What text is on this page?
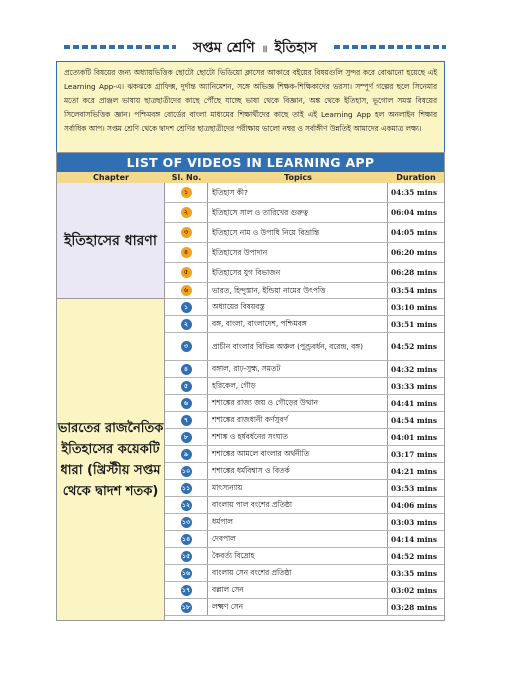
সপ্তম শ্রেণি ॥ ইতিহাস
প্রত্যেকটি বিষয়ের জন্য অধ্যায়ভিত্তিক ছোটো ছোটো ভিডিয়ো ক্লাসের আকারে বইয়ের বিষয়গুলি সুন্দর করে বোঝানো হয়েছে এই Learning App-এ। ঝকঝকে গ্রাফিক্স, দুর্দান্ত অ্যানিমেশন, সঙ্গে অভিজ্ঞ শিক্ষক-শিক্ষিকাদের ভরসা। সম্পূর্ণ গল্পের ছলে সিনেমার মতো করে প্রাঞ্জল ভাষায় ছাত্রছাত্রীদের কাছে পৌঁছে যাচ্ছে ভাষা থেকে বিজ্ঞান, অঙ্ক থেকে ইতিহাস, ভূগোল সমস্ত বিষয়ের সিলেবাসভিত্তিক জ্ঞান। পশ্চিমবঙ্গ বোর্ডের বাংলা মাধ্যমের শিক্ষার্থীদের কাছে তাই এই Learning App হল অনলাইন শিক্ষার সর্বাধিক আপ। সপ্তম শ্রেণি থেকে দ্বাদশ শ্রেণির ছাত্রছাত্রীদের পরীক্ষায় ভালো নম্বর ও সর্বাঙ্গীণ উন্নতিই আমাদের একমাত্র লক্ষ্য।
LIST OF VIDEOS IN LEARNING APP
Chapter	Sl. No.	Topics	Duration
ইতিহাসের ধারণা
ভারতের রাজনৈতিক ইতিহাসের কয়েকটি ধারা (খ্রিস্টীয় সপ্তম থেকে দ্বাদশ শতক)
১	ইতিহাস কী?	04:35 mins
২	ইতিহাসে সাল ও তারিখের গুরুত্ব	06:04 mins
৩	ইতিহাসে নাম ও উপাধি নিয়ে বিভ্রান্তি	04:05 mins
৪	ইতিহাসের উপাদান	06:20 mins
৫	ইতিহাসের যুগ বিভাজন	06:28 mins
৬	ভারত, হিন্দুস্তান, ইন্ডিয়া নামের উৎপত্তি	03:54 mins
১	অধ্যায়ের বিষয়বস্তু	03:10 mins
২	বঙ্গ, বাংলা, বাংলাদেশ, পশ্চিমবঙ্গ	03:51 mins
৩	প্রাচীন বাংলার বিভিন্ন অঞ্চল (পুণ্ড্রবর্ধন, বরেন্দ্র, বঙ্গ)	04:52 mins
৪	বঙ্গাল, রাঢ়-সুহ্ম, সমতট	04:32 mins
৫	হরিকেল, গৌড়	03:33 mins
৬	শশাঙ্কের রাজ্য জয় ও গৌড়ের উত্থান	04:41 mins
৭	শশাঙ্কের রাজধানী কর্ণসুবর্ণ	04:54 mins
৮	শশাঙ্ক ও হর্ষবর্ধনের সংঘাত	04:01 mins
৯	শশাঙ্কের আমলে বাংলার অর্থনীতি	03:17 mins
১০	শশাঙ্কের ধর্মবিশ্বাস ও বিতর্ক	04:21 mins
১১	মাৎস্যন্যায়	03:53 mins
১২	বাংলায় পাল বংশের প্রতিষ্ঠা	04:06 mins
১৩	ধর্মপাল	03:03 mins
১৪	দেবপাল	04:14 mins
১৫	কৈবর্ত্য বিদ্রোহ	04:52 mins
১৬	বাংলায় সেন বংশের প্রতিষ্ঠা	03:35 mins
১৭	বল্লাল সেন	03:02 mins
১৮	লক্ষ্মণ সেন	03:28 mins
